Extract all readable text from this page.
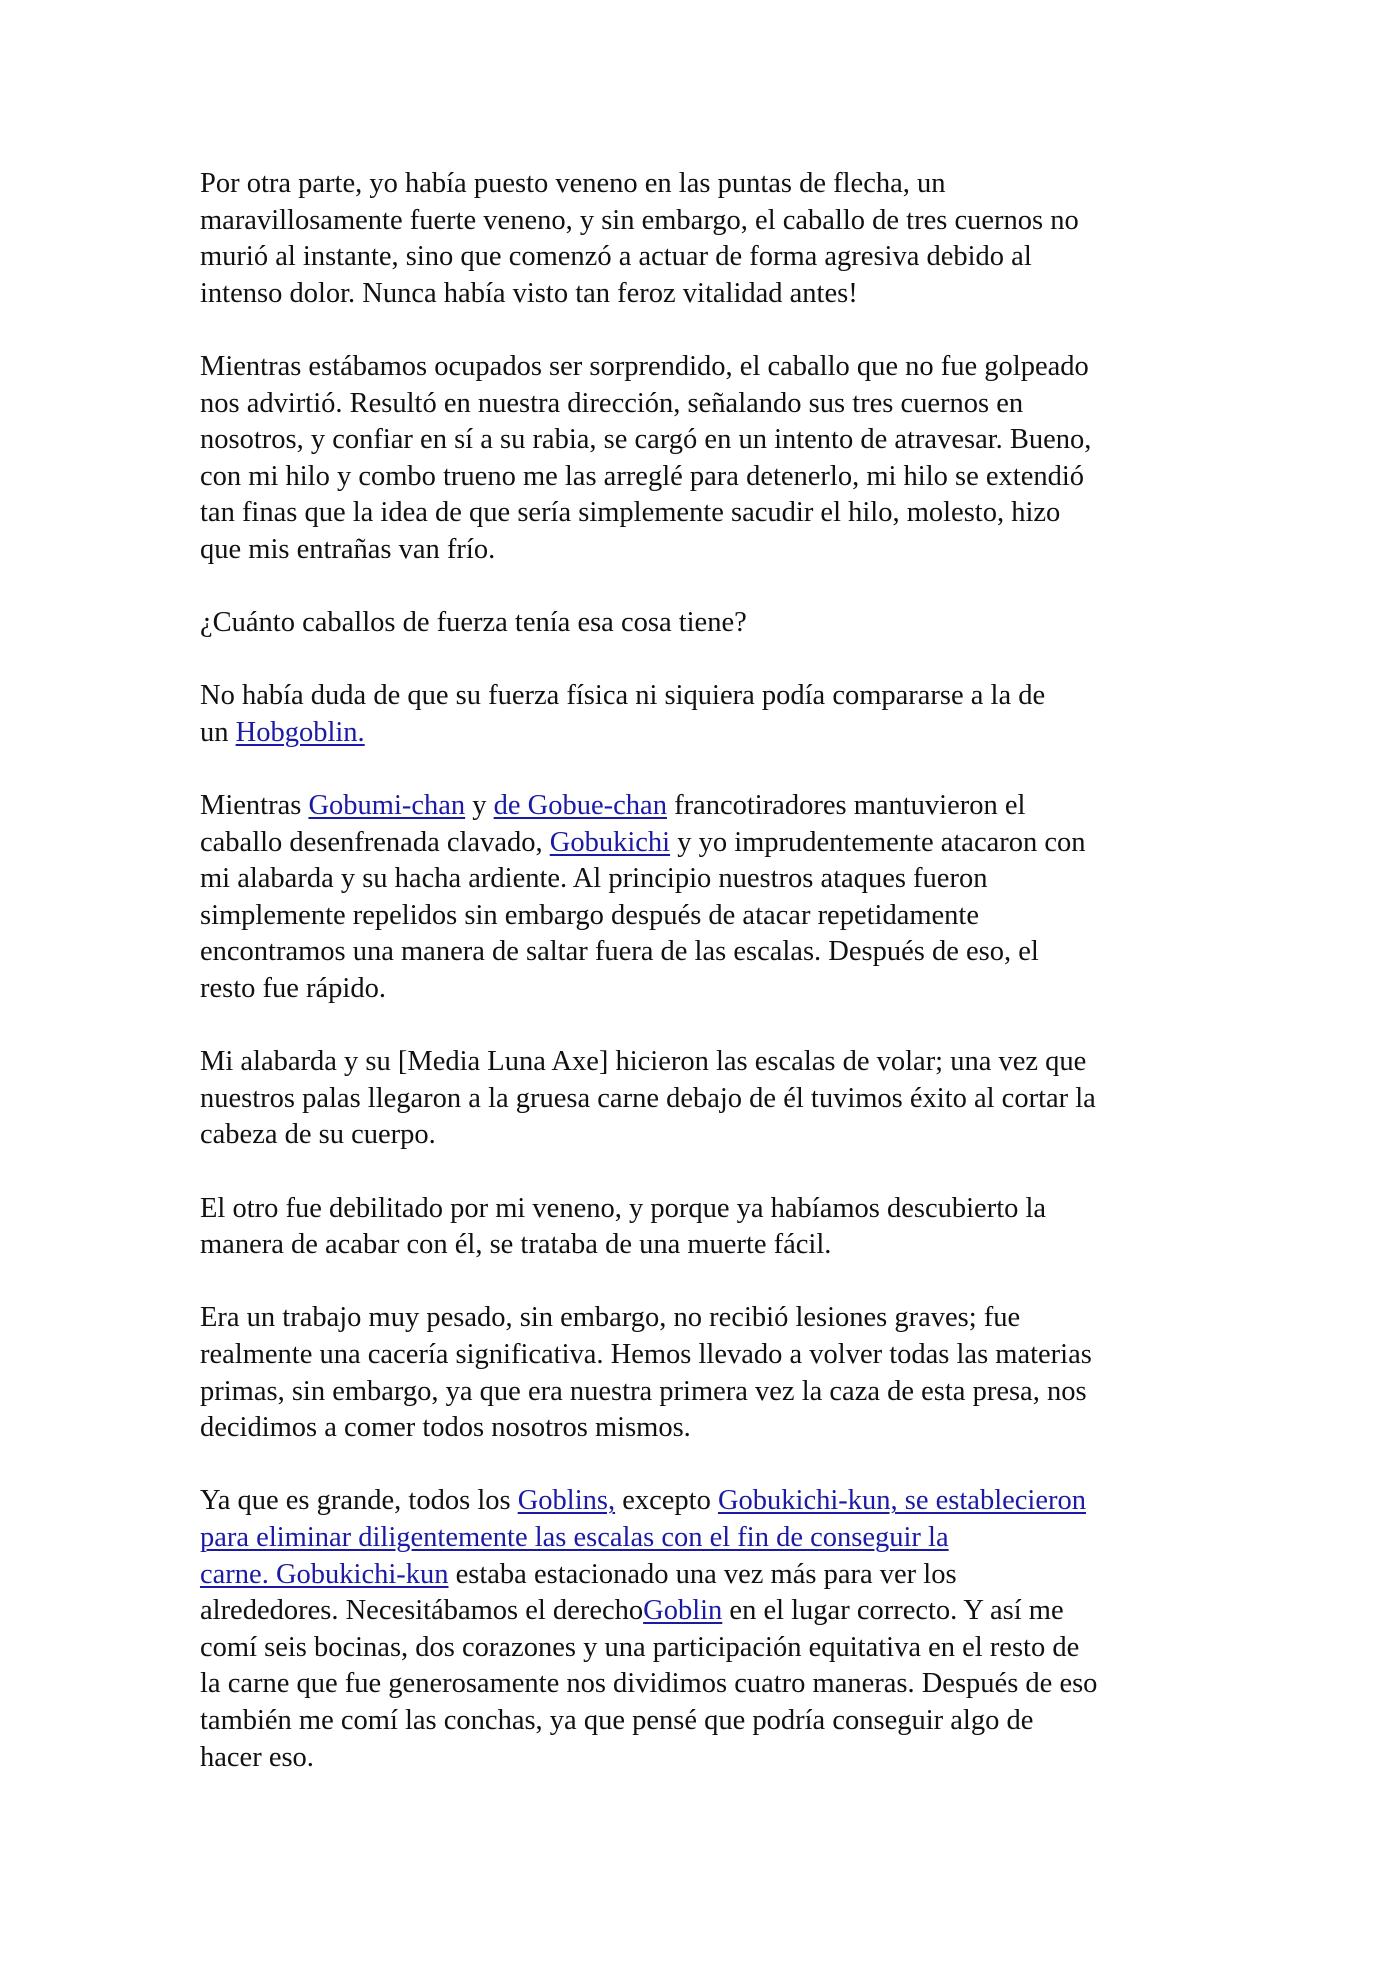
Por otra parte, yo había puesto veneno en las puntas de flecha, un
maravillosamente fuerte veneno, y sin embargo, el caballo de tres cuernos no
murió al instante, sino que comenzó a actuar de forma agresiva debido al
intenso dolor. Nunca había visto tan feroz vitalidad antes!

Mientras estábamos ocupados ser sorprendido, el caballo que no fue golpeado
nos advirtió. Resultó en nuestra dirección, señalando sus tres cuernos en
nosotros, y confiar en sí a su rabia, se cargó en un intento de atravesar. Bueno,
con mi hilo y combo trueno me las arreglé para detenerlo, mi hilo se extendió
tan finas que la idea de que sería simplemente sacudir el hilo, molesto, hizo
que mis entrañas van frío.

¿Cuánto caballos de fuerza tenía esa cosa tiene?

No había duda de que su fuerza física ni siquiera podía compararse a la de
un Hobgoblin.

Mientras Gobumi-chan y de Gobue-chan francotiradores mantuvieron el
caballo desenfrenada clavado, Gobukichi y yo imprudentemente atacaron con
mi alabarda y su hacha ardiente. Al principio nuestros ataques fueron
simplemente repelidos sin embargo después de atacar repetidamente
encontramos una manera de saltar fuera de las escalas. Después de eso, el
resto fue rápido.

Mi alabarda y su [Media Luna Axe] hicieron las escalas de volar; una vez que
nuestros palas llegaron a la gruesa carne debajo de él tuvimos éxito al cortar la
cabeza de su cuerpo.

El otro fue debilitado por mi veneno, y porque ya habíamos descubierto la
manera de acabar con él, se trataba de una muerte fácil.

Era un trabajo muy pesado, sin embargo, no recibió lesiones graves; fue
realmente una cacería significativa. Hemos llevado a volver todas las materias
primas, sin embargo, ya que era nuestra primera vez la caza de esta presa, nos
decidimos a comer todos nosotros mismos.

Ya que es grande, todos los Goblins, excepto Gobukichi-kun, se establecieron
para eliminar diligentemente las escalas con el fin de conseguir la
carne. Gobukichi-kun estaba estacionado una vez más para ver los
alrededores. Necesitábamos el derechoGoblin en el lugar correcto. Y así me
comí seis bocinas, dos corazones y una participación equitativa en el resto de
la carne que fue generosamente nos dividimos cuatro maneras. Después de eso
también me comí las conchas, ya que pensé que podría conseguir algo de
hacer eso.
